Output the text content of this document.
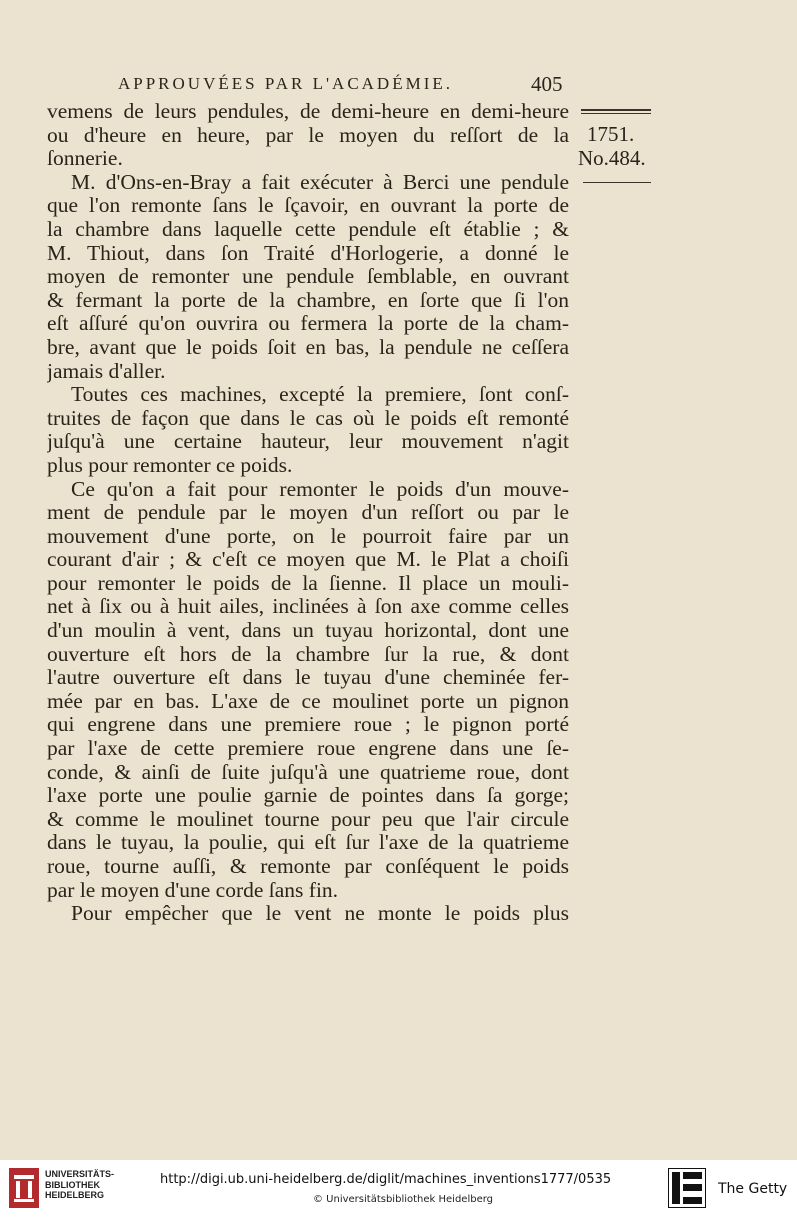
APPROUVÉES PAR L'ACADÉMIE.	405
1751.
No.484.
vemens de leurs pendules, de demi-heure en demi-heure
ou d'heure en heure, par le moyen du reſſort de la
ſonnerie.
M. d'Ons-en-Bray a fait exécuter à Berci une pendule
que l'on remonte ſans le ſçavoir, en ouvrant la porte de
la chambre dans laquelle cette pendule eſt établie ; &
M. Thiout, dans ſon Traité d'Horlogerie, a donné le
moyen de remonter une pendule ſemblable, en ouvrant
& fermant la porte de la chambre, en ſorte que ſi l'on
eſt aſſuré qu'on ouvrira ou fermera la porte de la cham-
bre, avant que le poids ſoit en bas, la pendule ne ceſſera
jamais d'aller.
Toutes ces machines, excepté la premiere, ſont conſ-
truites de façon que dans le cas où le poids eſt remonté
juſqu'à une certaine hauteur, leur mouvement n'agit
plus pour remonter ce poids.
Ce qu'on a fait pour remonter le poids d'un mouve-
ment de pendule par le moyen d'un reſſort ou par le
mouvement d'une porte, on le pourroit faire par un
courant d'air ; & c'eſt ce moyen que M. le Plat a choiſi
pour remonter le poids de la ſienne. Il place un mouli-
net à ſix ou à huit ailes, inclinées à ſon axe comme celles
d'un moulin à vent, dans un tuyau horizontal, dont une
ouverture eſt hors de la chambre ſur la rue, & dont
l'autre ouverture eſt dans le tuyau d'une cheminée fer-
mée par en bas. L'axe de ce moulinet porte un pignon
qui engrene dans une premiere roue ; le pignon porté
par l'axe de cette premiere roue engrene dans une ſe-
conde, & ainſi de ſuite juſqu'à une quatrieme roue, dont
l'axe porte une poulie garnie de pointes dans ſa gorge;
& comme le moulinet tourne pour peu que l'air circule
dans le tuyau, la poulie, qui eſt ſur l'axe de la quatrieme
roue, tourne auſſi, & remonte par conſéquent le poids
par le moyen d'une corde ſans fin.
Pour empêcher que le vent ne monte le poids plus
UNIVERSITÄTS-
BIBLIOTHEK
HEIDELBERG
http://digi.ub.uni-heidelberg.de/diglit/machines_inventions1777/0535
© Universitätsbibliothek Heidelberg
The Getty
